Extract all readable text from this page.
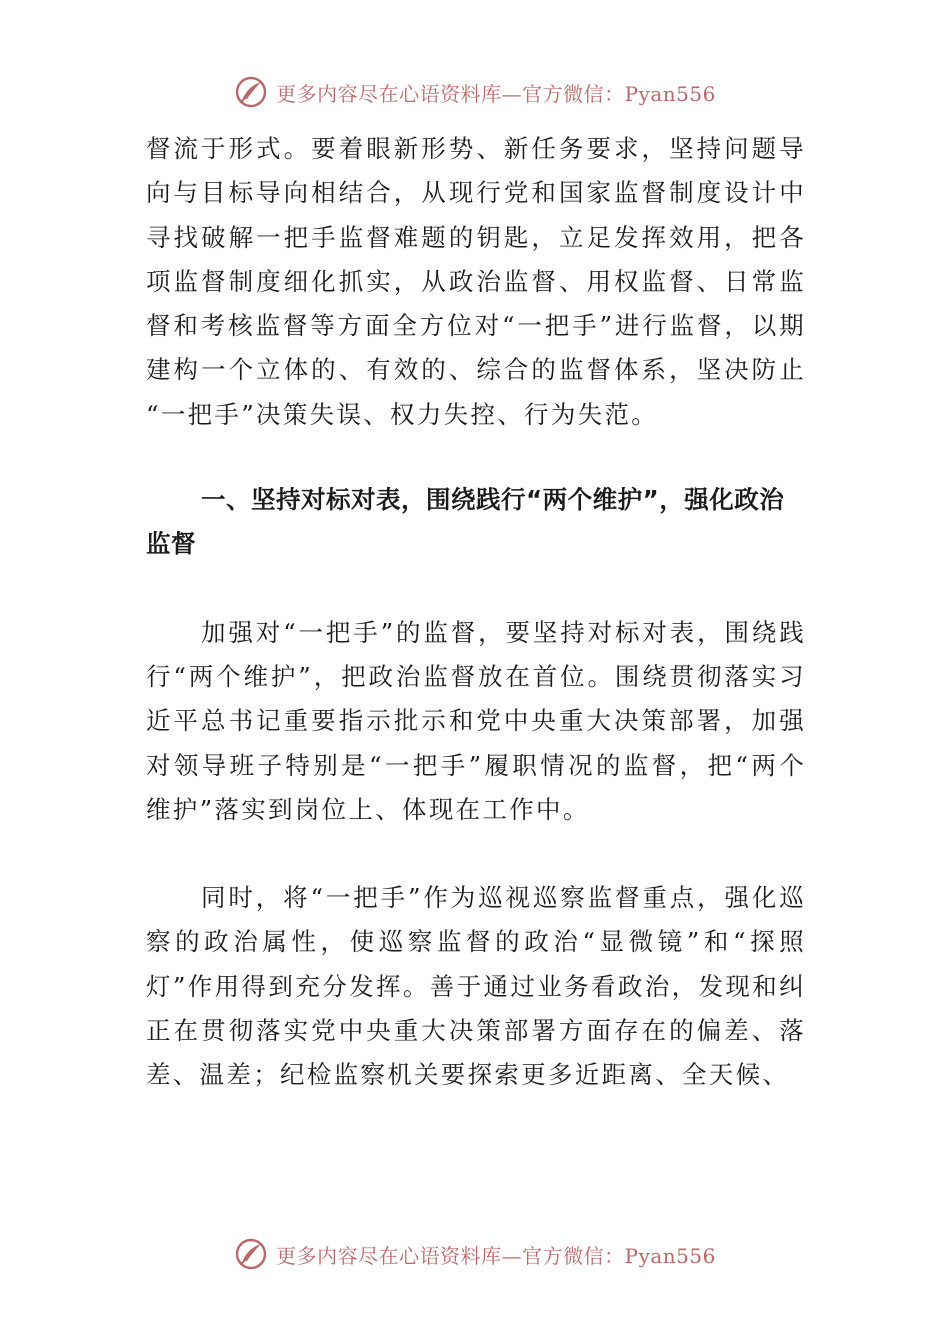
更多内容尽在心语资料库—官方微信：Pyan556

督流于形式。要着眼新形势、新任务要求，坚持问题导向与目标导向相结合，从现行党和国家监督制度设计中寻找破解一把手监督难题的钥匙，立足发挥效用，把各项监督制度细化抓实，从政治监督、用权监督、日常监督和考核监督等方面全方位对“一把手”进行监督，以期建构一个立体的、有效的、综合的监督体系，坚决防止 “一把手”决策失误、权力失控、行为失范。

一、坚持对标对表，围绕践行“两个维护”，强化政治监督

加强对“一把手”的监督，要坚持对标对表，围绕践行“两个维护”，把政治监督放在首位。围绕贯彻落实习近平总书记重要指示批示和党中央重大决策部署，加强对领导班子特别是“一把手”履职情况的监督，把“两个维护”落实到岗位上、体现在工作中。

同时，将“一把手”作为巡视巡察监督重点，强化巡察的政治属性，使巡察监督的政治“显微镜”和“探照灯”作用得到充分发挥。善于通过业务看政治，发现和纠正在贯彻落实党中央重大决策部署方面存在的偏差、落差、温差；纪检监察机关要探索更多近距离、全天候、

更多内容尽在心语资料库—官方微信：Pyan556
